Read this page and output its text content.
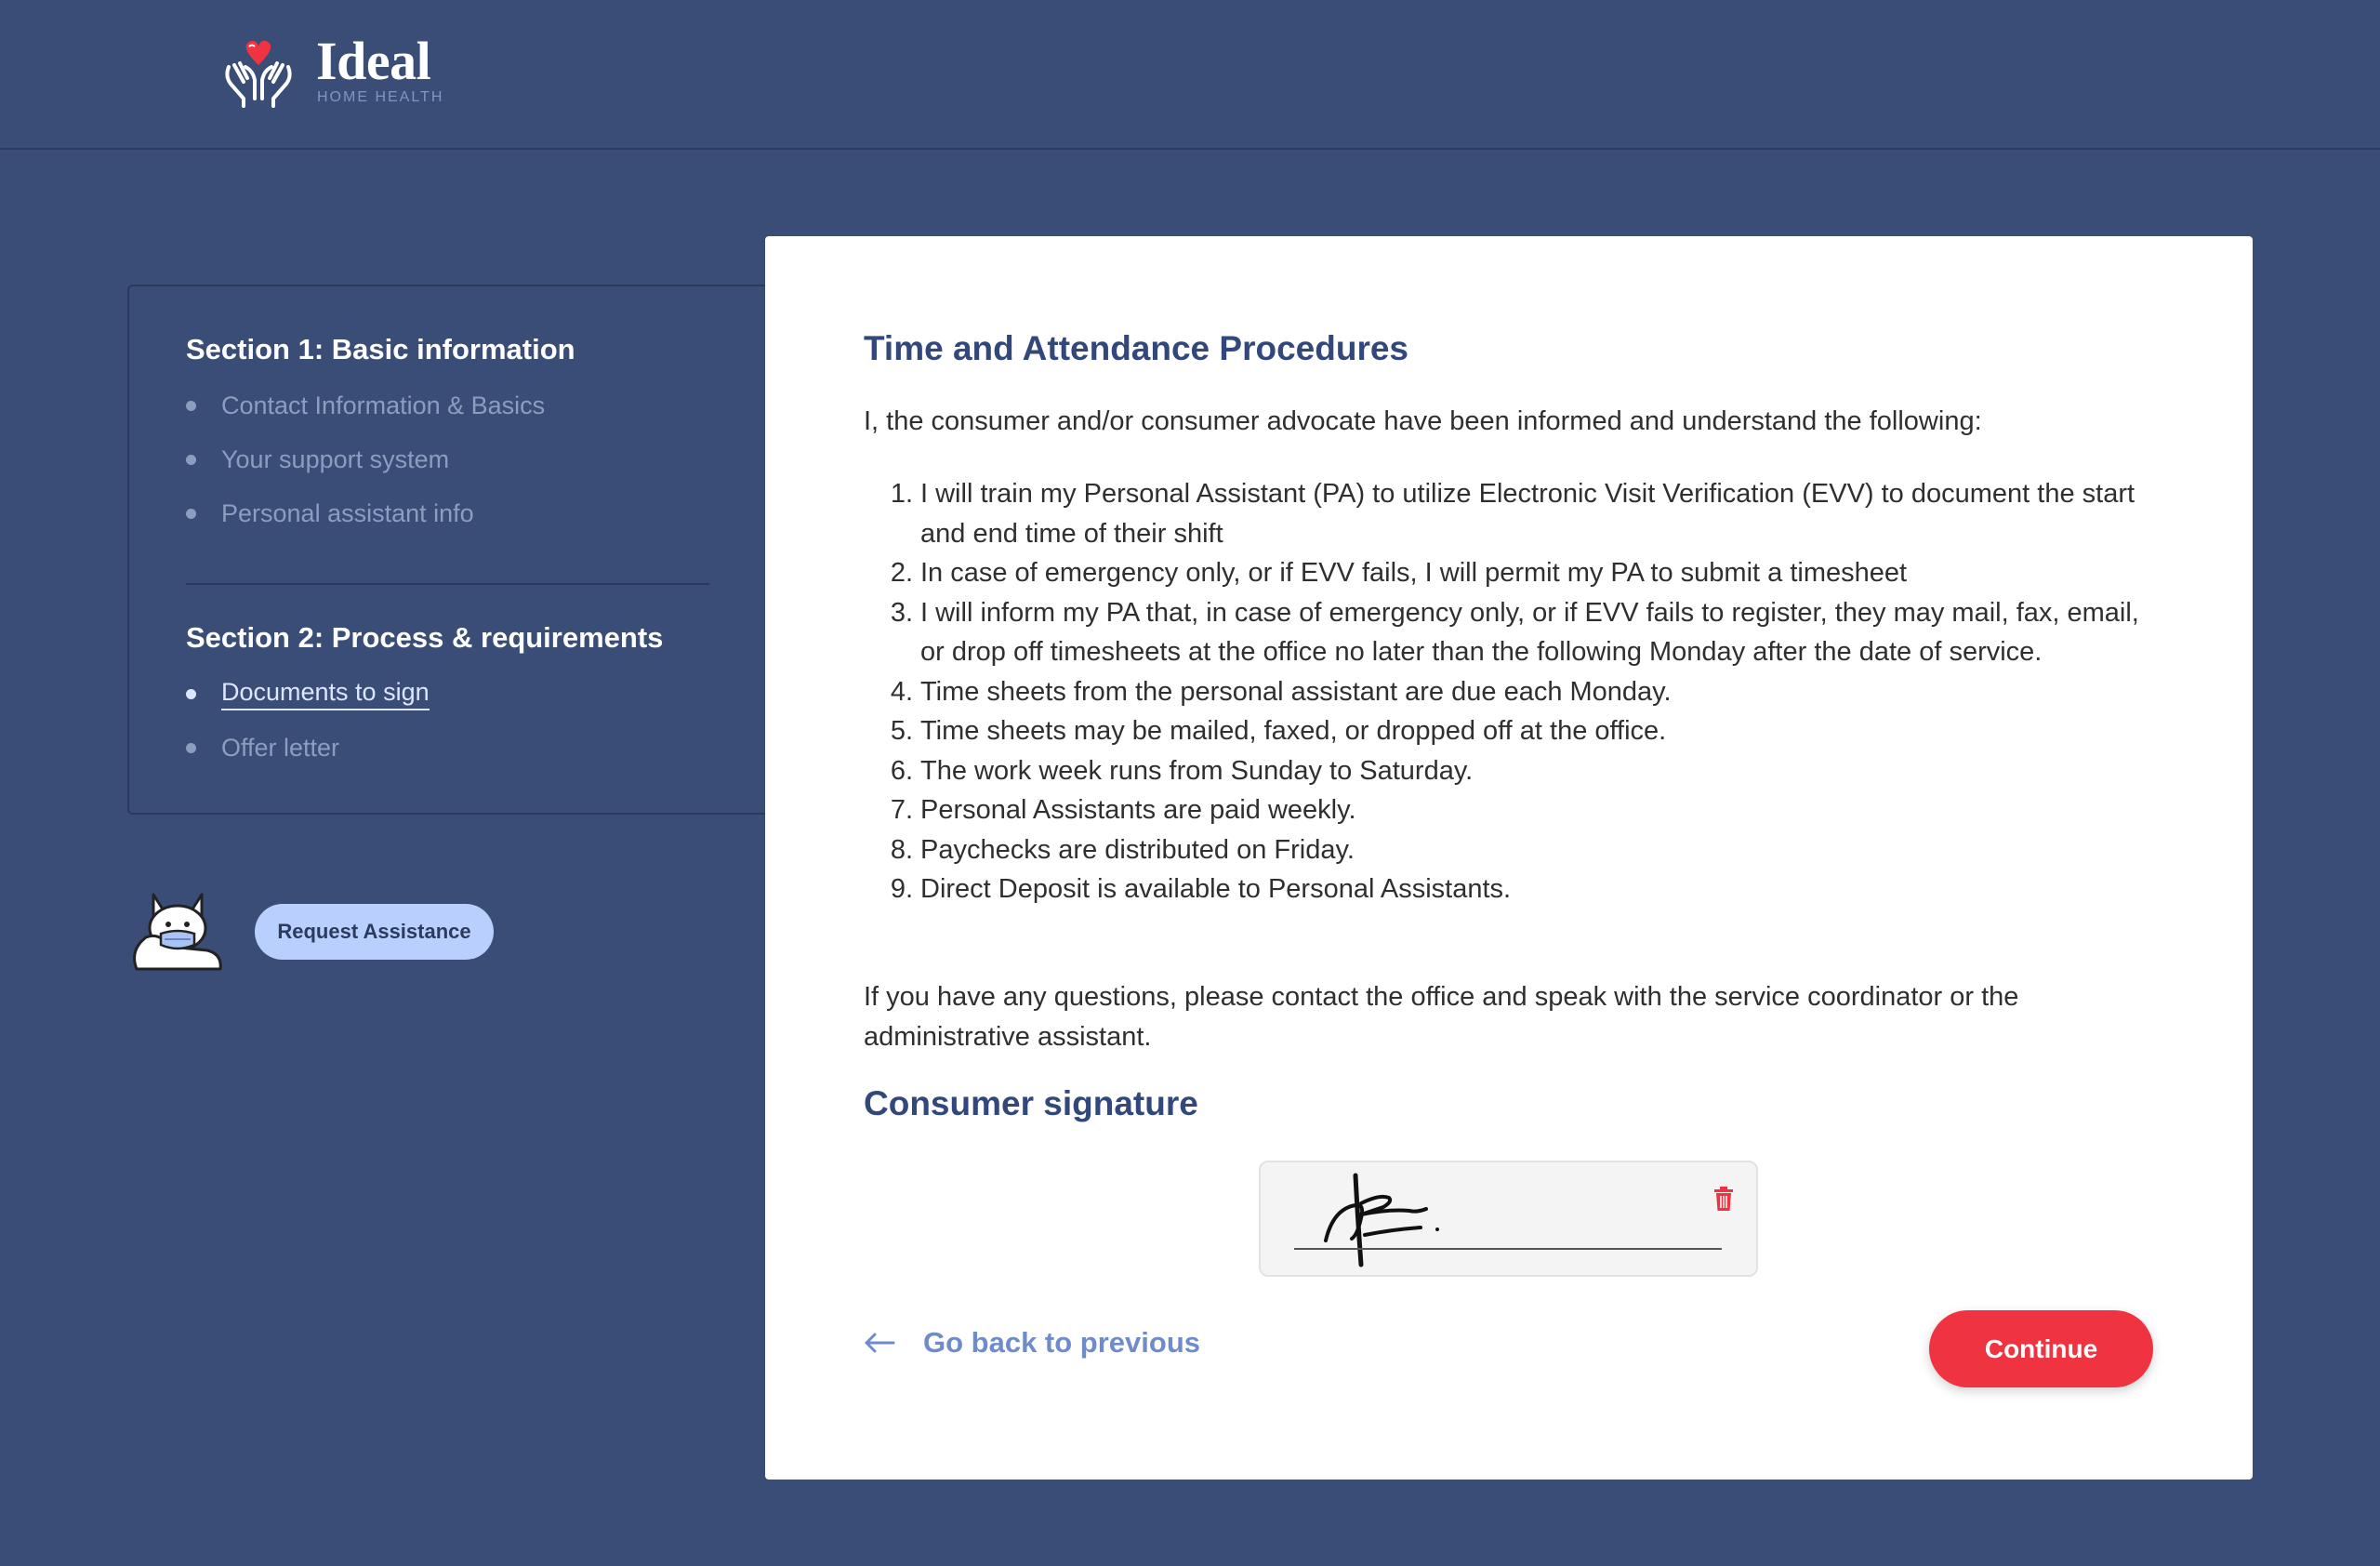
Ideal
HOME HEALTH
Section 1: Basic information
Contact Information & Basics
Your support system
Personal assistant info
Section 2: Process & requirements
Documents to sign
Offer letter
Request Assistance
Time and Attendance Procedures

I, the consumer and/or consumer advocate have been informed and understand the following:

1. I will train my Personal Assistant (PA) to utilize Electronic Visit Verification (EVV) to document the start and end time of their shift
2. In case of emergency only, or if EVV fails, I will permit my PA to submit a timesheet
3. I will inform my PA that, in case of emergency only, or if EVV fails to register, they may mail, fax, email, or drop off timesheets at the office no later than the following Monday after the date of service.
4. Time sheets from the personal assistant are due each Monday.
5. Time sheets may be mailed, faxed, or dropped off at the office.
6. The work week runs from Sunday to Saturday.
7. Personal Assistants are paid weekly.
8. Paychecks are distributed on Friday.
9. Direct Deposit is available to Personal Assistants.

If you have any questions, please contact the office and speak with the service coordinator or the administrative assistant.

Consumer signature
Go back to previous	Continue
